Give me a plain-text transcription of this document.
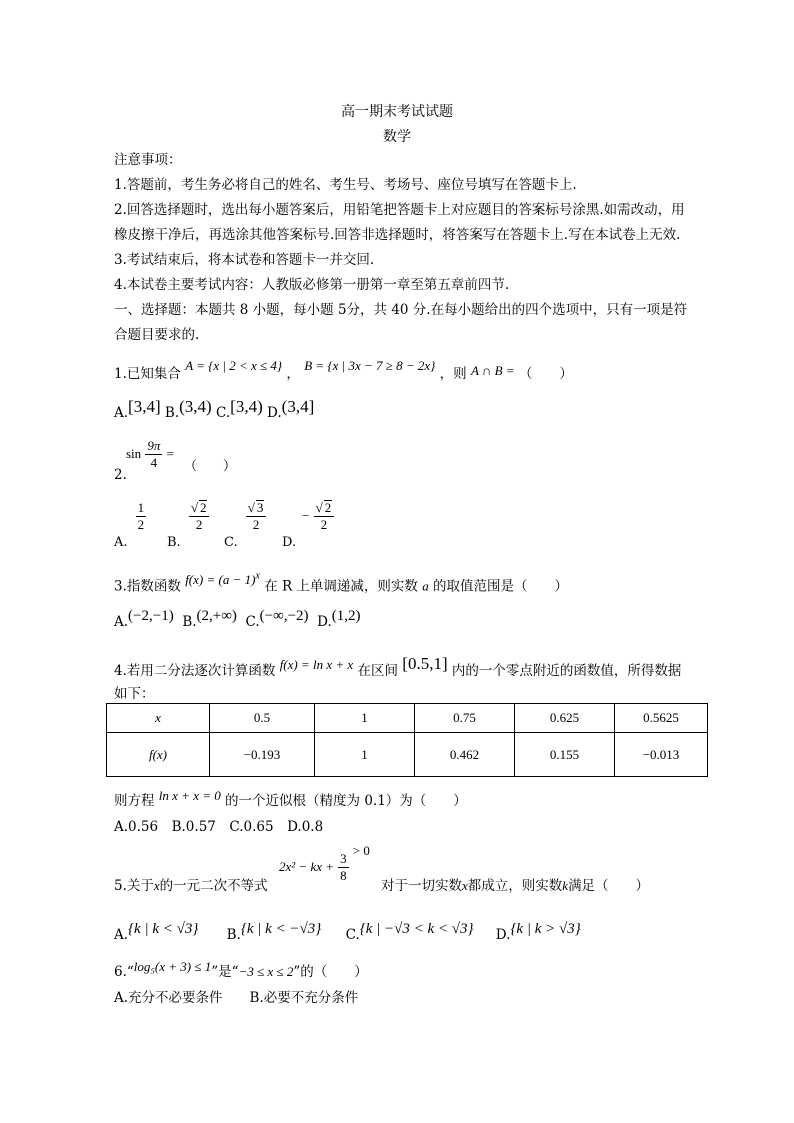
高一期末考试试题
数学
注意事项：
1.答题前，考生务必将自己的姓名、考生号、考场号、座位号填写在答题卡上.
2.回答选择题时，选出每小题答案后，用铅笔把答题卡上对应题目的答案标号涂黑.如需改动，用
橡皮擦干净后，再选涂其他答案标号.回答非选择题时，将答案写在答题卡上.写在本试卷上无效.
3.考试结束后，将本试卷和答题卡一并交回.
4.本试卷主要考试内容：人教版必修第一册第一章至第五章前四节.
一、选择题：本题共 8 小题，每小题 5分，共 40 分.在每小题给出的四个选项中，只有一项是符
合题目要求的.
1.已知集合 A = {x | 2 < x ≤ 4} ， B = {x | 3x − 7 ≥ 8 − 2x} ，则 A ∩ B = （　　）
A.[3,4] B.(3,4) C.[3,4) D.(3,4]
2.
$\sin \frac{9\pi}{4}$ = （　　）
A.
$\frac{1}{2}$
B.
$\frac{√ 2}{2}$
C.
$\frac{√ 3}{2}$
$D.- \frac{√ 2}{2}$
3.指数函数 $f(x) = (a - 1)^x$ 在 R 上单调递减，则实数 a 的取值范围是（　　）
A.(−2,−1) B.(2,+∞) C.(−∞,−2) D.(1,2)
4.若用二分法逐次计算函数 f(x) = ln x + x 在区间 [0.5,1] 内的一个零点附近的函数值，所得数据
如下：
x	0.5	1	0.75	0.625	0.5625
f(x)	−0.193	1	0.462	0.155	−0.013
则方程 ln x + x = 0 的一个近似根（精度为 0.1）为（　　）
A.0.56　B.0.57　C.0.65　D.0.8
5.关于x的一元二次不等式
2x² − kx + $\frac{3}{8}$
> 0
对于一切实数x都成立，则实数k满足（　　）
A.{k | k < √3} B.{k | k < −√3} C.{k | −√3 < k < √3} D.{k | k > √3}
6.“log₅(x + 3) ≤ 1”是“−3 ≤ x ≤ 2”的（　　）
A.充分不必要条件　　B.必要不充分条件
